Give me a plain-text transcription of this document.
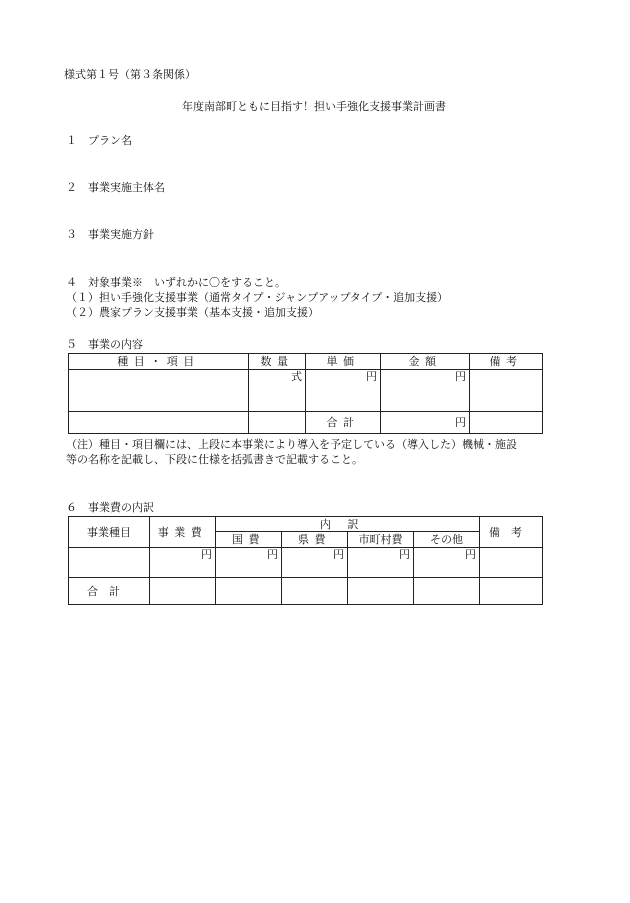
様式第１号（第３条関係）
年度南部町ともに目指す！担い手強化支援事業計画書
１　プラン名
２　事業実施主体名
３　事業実施方針
４　対象事業※　いずれかに〇をすること。
（１）担い手強化支援事業（通常タイプ・ジャンプアップタイプ・追加支援）
（２）農家プラン支援事業（基本支援・追加支援）
５　事業の内容
種目・項目	数量	単価	金額	備考
	式	円	円	
		合計	円	
（注）種目・項目欄には、上段に本事業により導入を予定している（導入した）機械・施設
等の名称を記載し、下段に仕様を括弧書きで記載すること。
６　事業費の内訳
事業種目	事業費	内訳				備考
		国費	県費	市町村費	その他	
	円	円	円	円	円	
合計						
